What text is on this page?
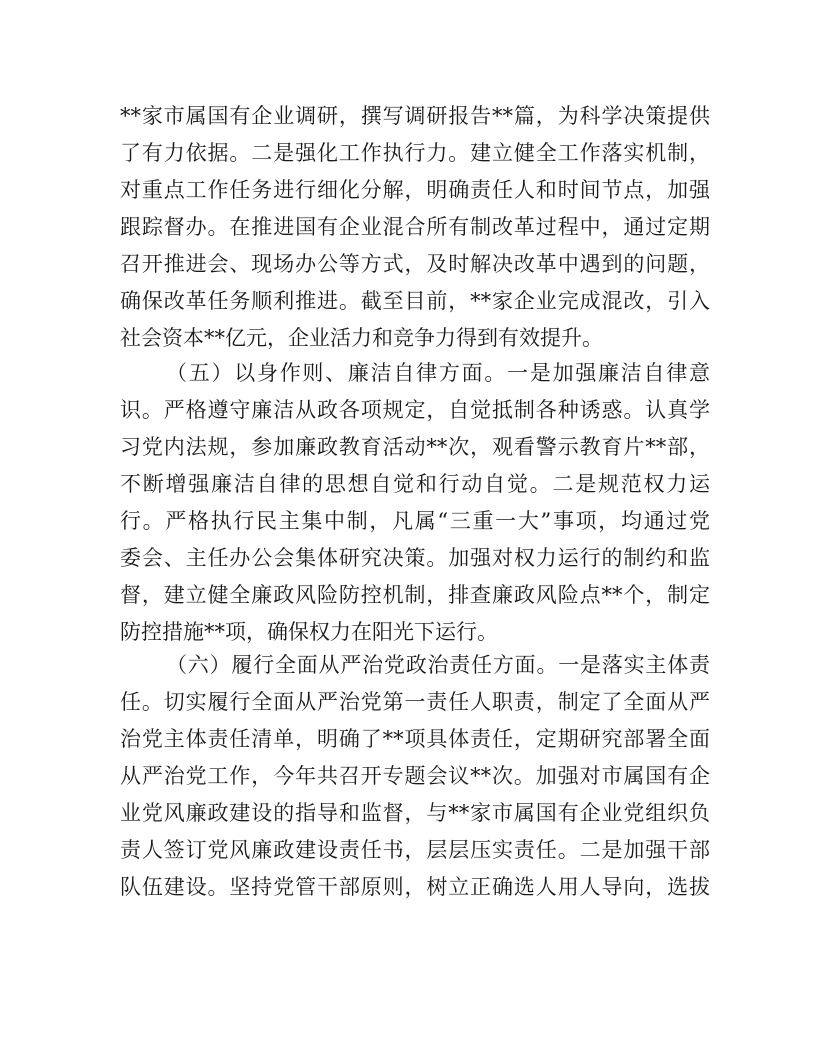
**家市属国有企业调研，撰写调研报告**篇，为科学决策提供
了有力依据。二是强化工作执行力。建立健全工作落实机制，
对重点工作任务进行细化分解，明确责任人和时间节点，加强
跟踪督办。在推进国有企业混合所有制改革过程中，通过定期
召开推进会、现场办公等方式，及时解决改革中遇到的问题，
确保改革任务顺利推进。截至目前，**家企业完成混改，引入
社会资本**亿元，企业活力和竞争力得到有效提升。
（五）以身作则、廉洁自律方面。一是加强廉洁自律意
识。严格遵守廉洁从政各项规定，自觉抵制各种诱惑。认真学
习党内法规，参加廉政教育活动**次，观看警示教育片**部，
不断增强廉洁自律的思想自觉和行动自觉。二是规范权力运
行。严格执行民主集中制，凡属“三重一大”事项，均通过党
委会、主任办公会集体研究决策。加强对权力运行的制约和监
督，建立健全廉政风险防控机制，排查廉政风险点**个，制定
防控措施**项，确保权力在阳光下运行。
（六）履行全面从严治党政治责任方面。一是落实主体责
任。切实履行全面从严治党第一责任人职责，制定了全面从严
治党主体责任清单，明确了**项具体责任，定期研究部署全面
从严治党工作，今年共召开专题会议**次。加强对市属国有企
业党风廉政建设的指导和监督，与**家市属国有企业党组织负
责人签订党风廉政建设责任书，层层压实责任。二是加强干部
队伍建设。坚持党管干部原则，树立正确选人用人导向，选拔
